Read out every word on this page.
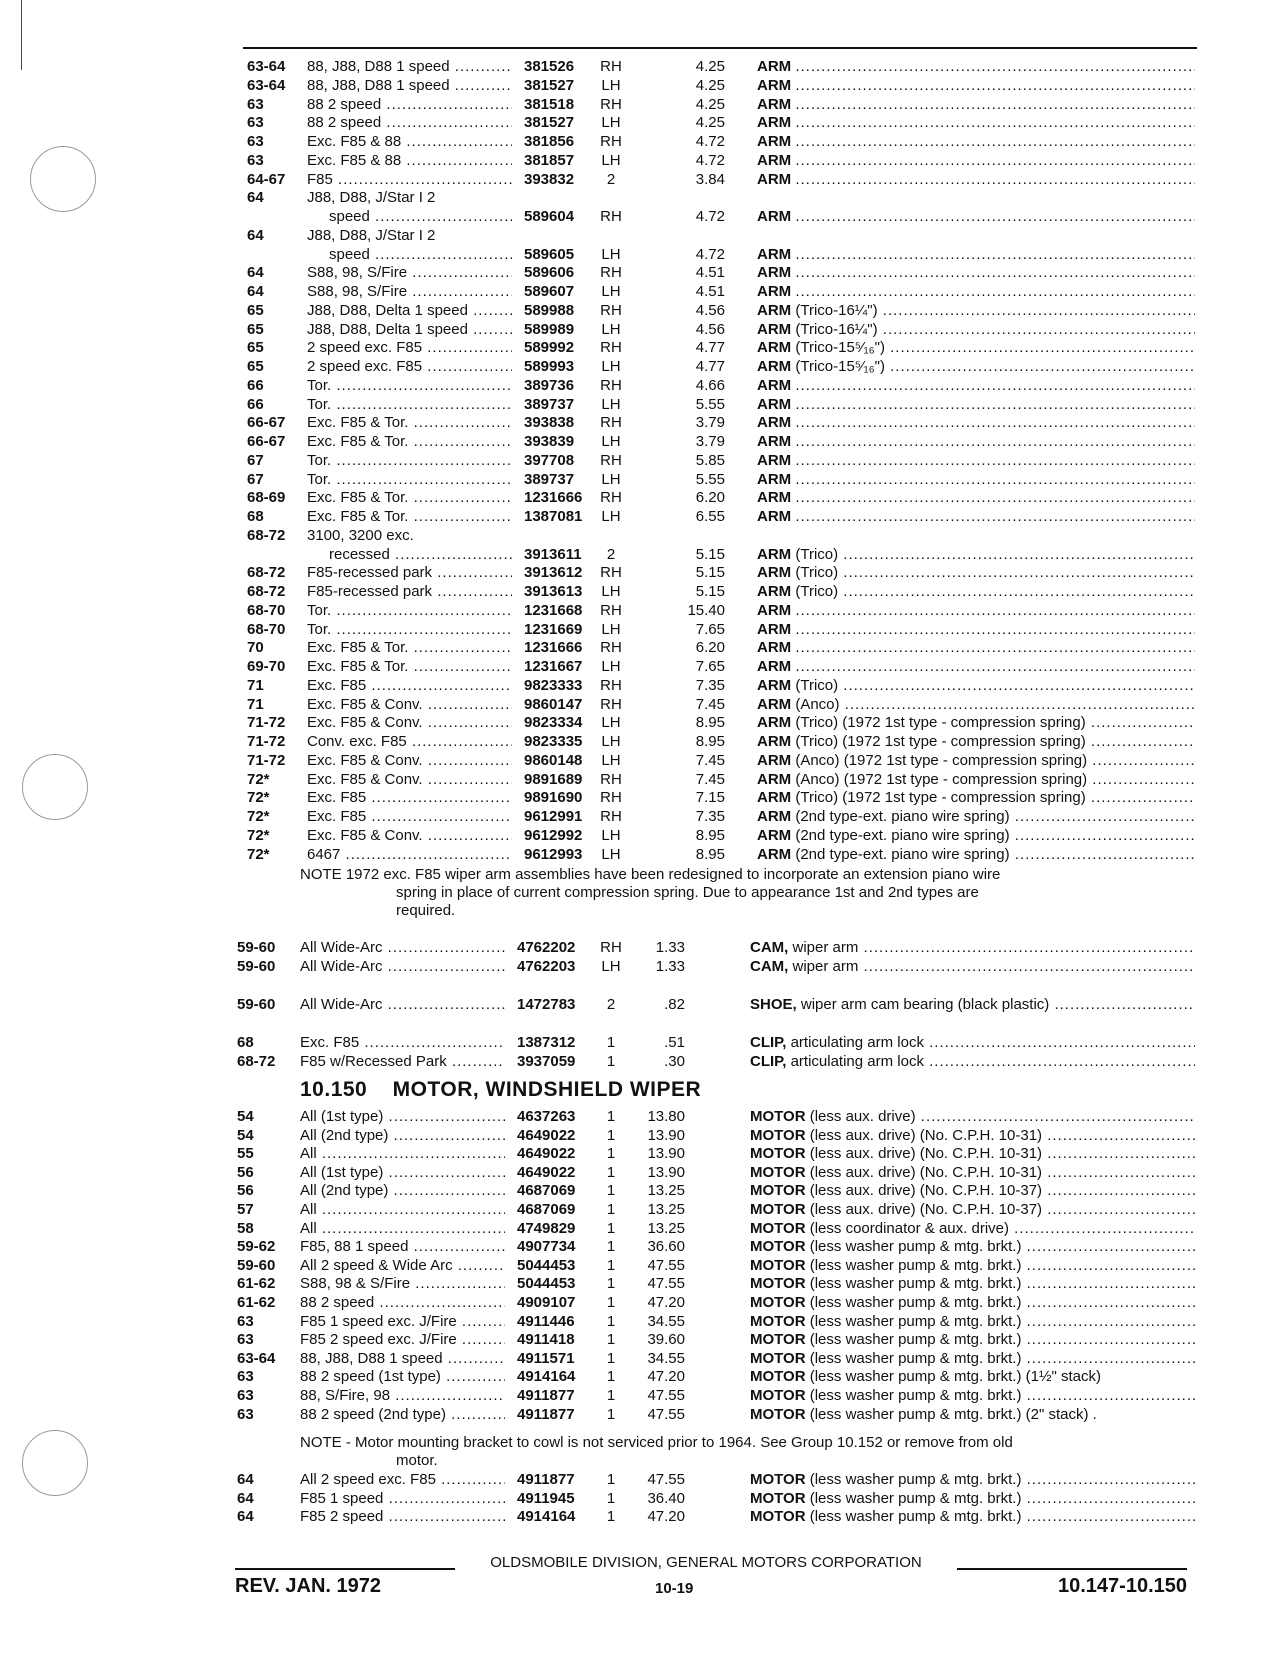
63-64	88, J88, D88 1 speed .....	381526	RH	4.25 ARM .....
63-64	88, J88, D88 1 speed .....	381527	LH	4.25 ARM .....
63	88 2 speed .....	381518	RH	4.25 ARM .....
63	88 2 speed .....	381527	LH	4.25 ARM .....
63	Exc. F85 & 88 .....	381856	RH	4.72 ARM .....
63	Exc. F85 & 88 .....	381857	LH	4.72 ARM .....
64-67	F85 .....	393832	2	3.84 ARM .....
64	J88, D88, J/Star I 2
speed .....	589604	RH	4.72 ARM .....
64	J88, D88, J/Star I 2
speed .....	589605	LH	4.72 ARM .....
64	S88, 98, S/Fire .....	589606	RH	4.51 ARM .....
64	S88, 98, S/Fire .....	589607	LH	4.51 ARM .....
65	J88, D88, Delta 1 speed .....	589988	RH	4.56 ARM (Trico-16¼") .....
65	J88, D88, Delta 1 speed .....	589989	LH	4.56 ARM (Trico-16¼") .....
65	2 speed exc. F85 .....	589992	RH	4.77 ARM (Trico-15⁵⁄₁₆") .....
65	2 speed exc. F85 .....	589993	LH	4.77 ARM (Trico-15⁵⁄₁₆") .....
66	Tor. .....	389736	RH	4.66 ARM .....
66	Tor. .....	389737	LH	5.55 ARM .....
66-67	Exc. F85 & Tor. .....	393838	RH	3.79 ARM .....
66-67	Exc. F85 & Tor. .....	393839	LH	3.79 ARM .....
67	Tor. .....	397708	RH	5.85 ARM .....
67	Tor. .....	389737	LH	5.55 ARM .....
68-69	Exc. F85 & Tor. .....	1231666	RH	6.20 ARM .....
68	Exc. F85 & Tor. .....	1387081	LH	6.55 ARM .....
68-72	3100, 3200 exc.
recessed .....	3913611	2	5.15 ARM (Trico) .....
68-72	F85-recessed park .....	3913612	RH	5.15 ARM (Trico) .....
68-72	F85-recessed park .....	3913613	LH	5.15 ARM (Trico) .....
68-70	Tor. .....	1231668	RH	15.40 ARM .....
68-70	Tor. .....	1231669	LH	7.65 ARM .....
70	Exc. F85 & Tor. .....	1231666	RH	6.20 ARM .....
69-70	Exc. F85 & Tor. .....	1231667	LH	7.65 ARM .....
71	Exc. F85 .....	9823333	RH	7.35 ARM (Trico) .....
71	Exc. F85 & Conv. .....	9860147	RH	7.45 ARM (Anco) .....
71-72	Exc. F85 & Conv. .....	9823334	LH	8.95 ARM (Trico) (1972 1st type - compression spring) .....
71-72	Conv. exc. F85 .....	9823335	LH	8.95 ARM (Trico) (1972 1st type - compression spring) .....
71-72	Exc. F85 & Conv. .....	9860148	LH	7.45 ARM (Anco) (1972 1st type - compression spring) .....
72*	Exc. F85 & Conv. .....	9891689	RH	7.45 ARM (Anco) (1972 1st type - compression spring) .....
72*	Exc. F85 .....	9891690	RH	7.15 ARM (Trico) (1972 1st type - compression spring) .....
72*	Exc. F85 .....	9612991	RH	7.35 ARM (2nd type-ext. piano wire spring) .....
72*	Exc. F85 & Conv. .....	9612992	LH	8.95 ARM (2nd type-ext. piano wire spring) .....
72*	6467 .....	9612993	LH	8.95 ARM (2nd type-ext. piano wire spring) .....
59-60	All Wide-Arc .....	4762202	RH	1.33	CAM, wiper arm .....
59-60	All Wide-Arc .....	4762203	LH	1.33	CAM, wiper arm .....
59-60	All Wide-Arc .....	1472783	2	.82	SHOE, wiper arm cam bearing (black plastic) .....
68	Exc. F85 .....	1387312	1	.51	CLIP, articulating arm lock .....
68-72	F85 w/Recessed Park .....	3937059	1	.30	CLIP, articulating arm lock .....
54	All (1st type) .....	4637263	1	13.80	MOTOR (less aux. drive) .....
54	All (2nd type) .....	4649022	1	13.90	MOTOR (less aux. drive) (No. C.P.H. 10-31) .....
55	All .....	4649022	1	13.90	MOTOR (less aux. drive) (No. C.P.H. 10-31) .....
56	All (1st type) .....	4649022	1	13.90	MOTOR (less aux. drive) (No. C.P.H. 10-31) .....
56	All (2nd type) .....	4687069	1	13.25	MOTOR (less aux. drive) (No. C.P.H. 10-37) .....
57	All .....	4687069	1	13.25	MOTOR (less aux. drive) (No. C.P.H. 10-37) .....
58	All .....	4749829	1	13.25	MOTOR (less coordinator & aux. drive) .....
59-62	F85, 88 1 speed .....	4907734	1	36.60	MOTOR (less washer pump & mtg. brkt.) .....
59-60	All 2 speed & Wide Arc .....	5044453	1	47.55	MOTOR (less washer pump & mtg. brkt.) .....
61-62	S88, 98 & S/Fire .....	5044453	1	47.55	MOTOR (less washer pump & mtg. brkt.) .....
61-62	88 2 speed .....	4909107	1	47.20	MOTOR (less washer pump & mtg. brkt.) .....
63	F85 1 speed exc. J/Fire .....	4911446	1	34.55	MOTOR (less washer pump & mtg. brkt.) .....
63	F85 2 speed exc. J/Fire .....	4911418	1	39.60	MOTOR (less washer pump & mtg. brkt.) .....
63-64	88, J88, D88 1 speed .....	4911571	1	34.55	MOTOR (less washer pump & mtg. brkt.) .....
63	88 2 speed (1st type) .....	4914164	1	47.20	MOTOR (less washer pump & mtg. brkt.) (1½" stack)
63	88, S/Fire, 98 .....	4911877	1	47.55	MOTOR (less washer pump & mtg. brkt.) .....
63	88 2 speed (2nd type) .....	4911877	1	47.55	MOTOR (less washer pump & mtg. brkt.) (2" stack) .
64	All 2 speed exc. F85 .....	4911877	1	47.55	MOTOR (less washer pump & mtg. brkt.) .....
64	F85 1 speed .....	4911945	1	36.40	MOTOR (less washer pump & mtg. brkt.) .....
64	F85 2 speed .....	4914164	1	47.20	MOTOR (less washer pump & mtg. brkt.) .....
NOTE 1972 exc. F85 wiper arm assemblies have been redesigned to incorporate an extension piano wire
spring in place of current compression spring. Due to appearance 1st and 2nd types are
required.
10.150 MOTOR, WINDSHIELD WIPER
NOTE - Motor mounting bracket to cowl is not serviced prior to 1964. See Group 10.152 or remove from old
motor.
OLDSMOBILE DIVISION, GENERAL MOTORS CORPORATION
REV. JAN. 1972	10-19	10.147-10.150
